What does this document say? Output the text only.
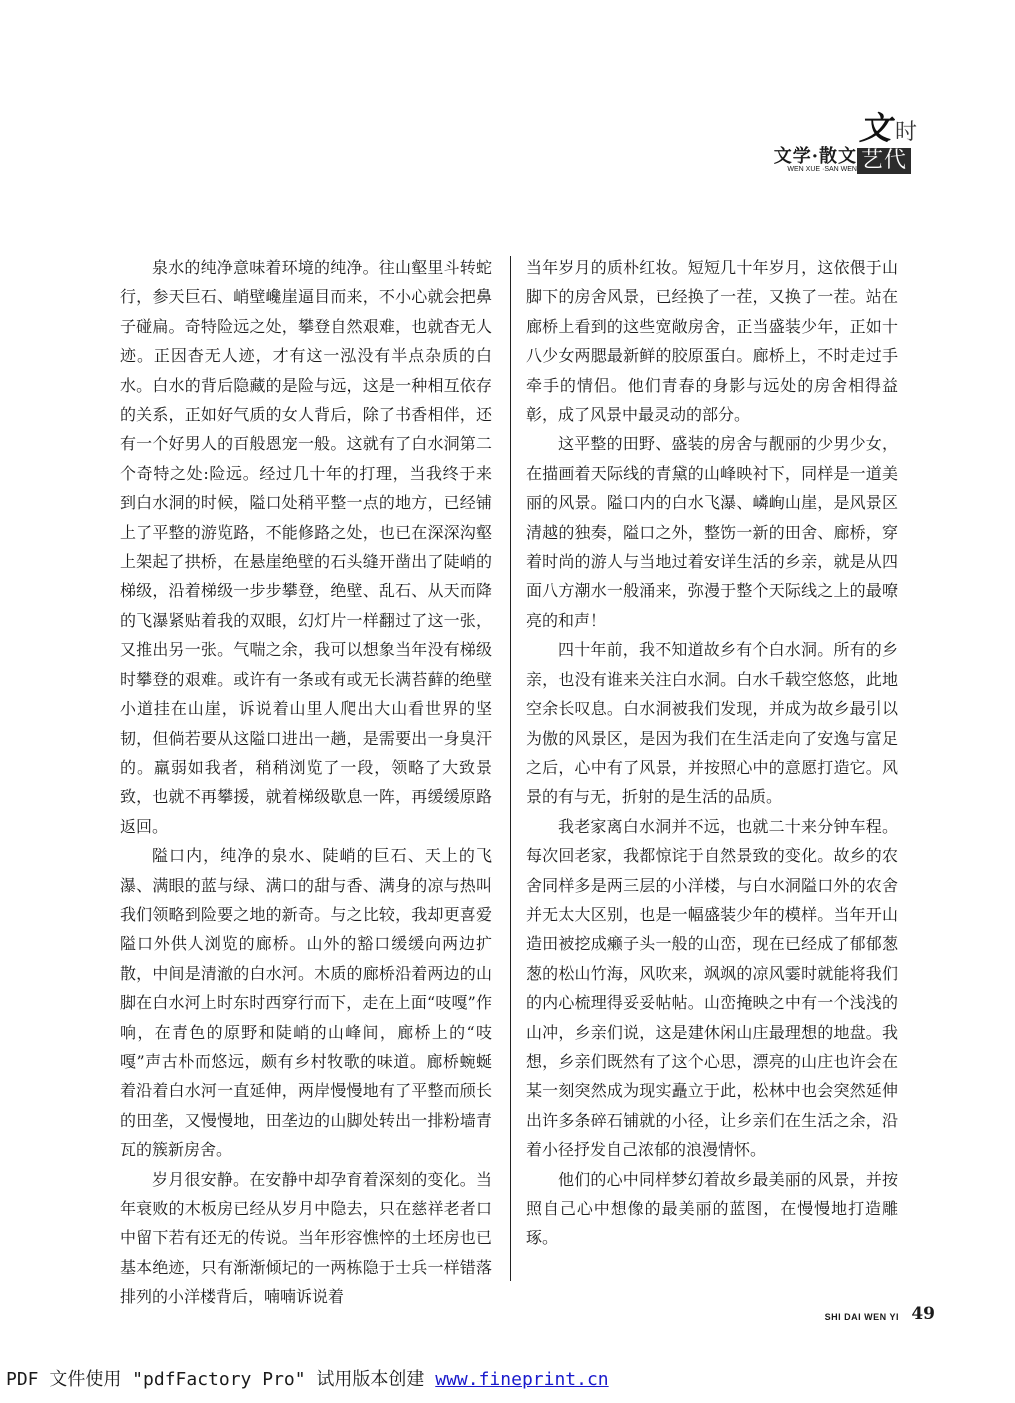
文学·散文
WEN XUE ·SAN WEN
文 时
艺代

泉水的纯净意味着环境的纯净。往山壑里斗转蛇行，参天巨石、峭壁巉崖逼目而来，不小心就会把鼻子碰扁。奇特险远之处，攀登自然艰难，也就杳无人迹。正因杳无人迹，才有这一泓没有半点杂质的白水。白水的背后隐藏的是险与远，这是一种相互依存的关系，正如好气质的女人背后，除了书香相伴，还有一个好男人的百般恩宠一般。这就有了白水洞第二个奇特之处:险远。经过几十年的打理，当我终于来到白水洞的时候，隘口处稍平整一点的地方，已经铺上了平整的游览路，不能修路之处，也已在深深沟壑上架起了拱桥，在悬崖绝壁的石头缝开凿出了陡峭的梯级，沿着梯级一步步攀登，绝壁、乱石、从天而降的飞瀑紧贴着我的双眼，幻灯片一样翻过了这一张，又推出另一张。气喘之余，我可以想象当年没有梯级时攀登的艰难。或许有一条或有或无长满苔藓的绝壁小道挂在山崖，诉说着山里人爬出大山看世界的坚韧，但倘若要从这隘口进出一趟，是需要出一身臭汗的。羸弱如我者，稍稍浏览了一段，领略了大致景致，也就不再攀援，就着梯级歇息一阵，再缓缓原路返回。

隘口内，纯净的泉水、陡峭的巨石、天上的飞瀑、满眼的蓝与绿、满口的甜与香、满身的凉与热叫我们领略到险要之地的新奇。与之比较，我却更喜爱隘口外供人浏览的廊桥。山外的豁口缓缓向两边扩散，中间是清澈的白水河。木质的廊桥沿着两边的山脚在白水河上时东时西穿行而下，走在上面“吱嘎”作响，在青色的原野和陡峭的山峰间，廊桥上的“吱嘎”声古朴而悠远，颇有乡村牧歌的味道。廊桥蜿蜒着沿着白水河一直延伸，两岸慢慢地有了平整而颀长的田垄，又慢慢地，田垄边的山脚处转出一排粉墙青瓦的簇新房舍。

岁月很安静。在安静中却孕育着深刻的变化。当年衰败的木板房已经从岁月中隐去，只在慈祥老者口中留下若有还无的传说。当年形容憔悴的土坯房也已基本绝迹，只有渐渐倾圮的一两栋隐于士兵一样错落排列的小洋楼背后，喃喃诉说着

当年岁月的质朴红妆。短短几十年岁月，这依偎于山脚下的房舍风景，已经换了一茬，又换了一茬。站在廊桥上看到的这些宽敞房舍，正当盛装少年，正如十八少女两腮最新鲜的胶原蛋白。廊桥上，不时走过手牵手的情侣。他们青春的身影与远处的房舍相得益彰，成了风景中最灵动的部分。

这平整的田野、盛装的房舍与靓丽的少男少女，在描画着天际线的青黛的山峰映衬下，同样是一道美丽的风景。隘口内的白水飞瀑、嶙峋山崖，是风景区清越的独奏，隘口之外，整饬一新的田舍、廊桥，穿着时尚的游人与当地过着安详生活的乡亲，就是从四面八方潮水一般涌来，弥漫于整个天际线之上的最嘹亮的和声！

四十年前，我不知道故乡有个白水洞。所有的乡亲，也没有谁来关注白水洞。白水千载空悠悠，此地空余长叹息。白水洞被我们发现，并成为故乡最引以为傲的风景区，是因为我们在生活走向了安逸与富足之后，心中有了风景，并按照心中的意愿打造它。风景的有与无，折射的是生活的品质。

我老家离白水洞并不远，也就二十来分钟车程。每次回老家，我都惊诧于自然景致的变化。故乡的农舍同样多是两三层的小洋楼，与白水洞隘口外的农舍并无太大区别，也是一幅盛装少年的模样。当年开山造田被挖成癞子头一般的山峦，现在已经成了郁郁葱葱的松山竹海，风吹来，飒飒的凉风霎时就能将我们的内心梳理得妥妥帖帖。山峦掩映之中有一个浅浅的山冲，乡亲们说，这是建休闲山庄最理想的地盘。我想，乡亲们既然有了这个心思，漂亮的山庄也许会在某一刻突然成为现实矗立于此，松林中也会突然延伸出许多条碎石铺就的小径，让乡亲们在生活之余，沿着小径抒发自己浓郁的浪漫情怀。

他们的心中同样梦幻着故乡最美丽的风景，并按照自己心中想像的最美丽的蓝图，在慢慢地打造雕琢。

SHI DAI WEN YI 49
PDF 文件使用 "pdfFactory Pro" 试用版本创建 www.fineprint.cn
